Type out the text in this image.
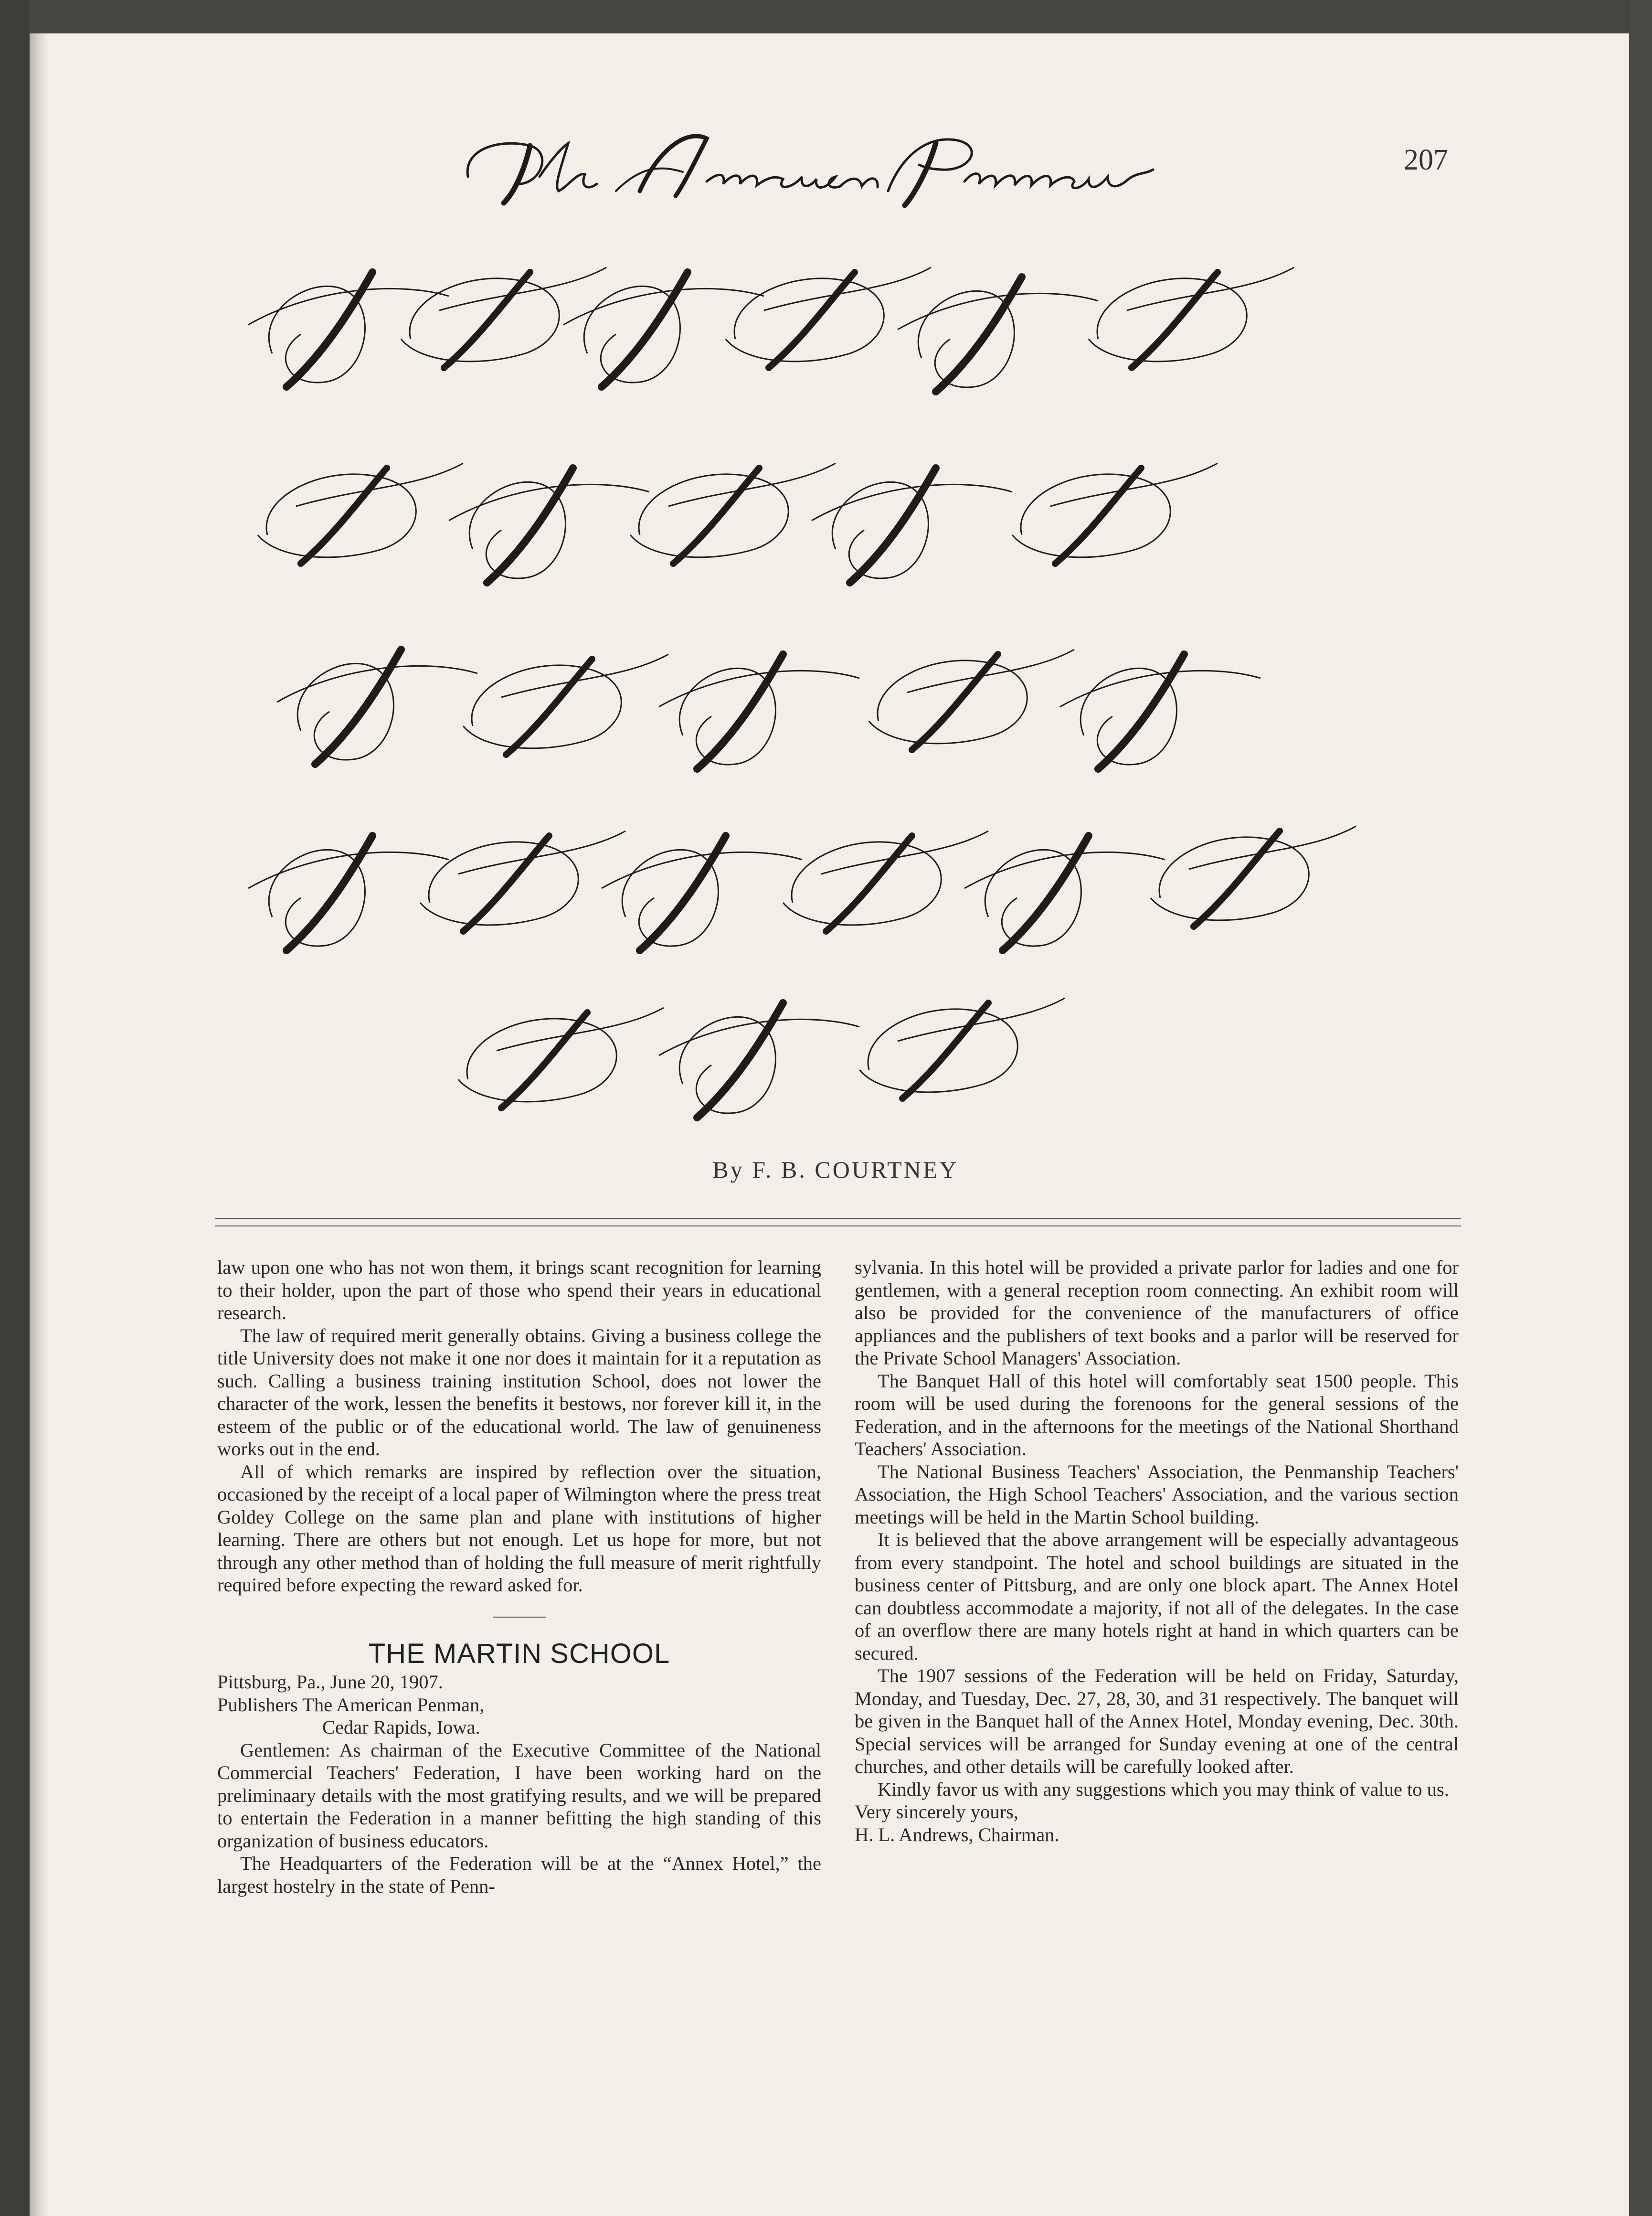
207
By F. B. COURTNEY

law upon one who has not won them, it brings scant recognition for learning to their holder, upon the part of those who spend their years in educational research.

The law of required merit generally obtains. Giving a business college the title University does not make it one nor does it maintain for it a reputation as such. Calling a business training institution School, does not lower the character of the work, lessen the benefits it bestows, nor forever kill it, in the esteem of the public or of the educational world. The law of genuineness works out in the end.

All of which remarks are inspired by reflection over the situation, occasioned by the receipt of a local paper of Wilmington where the press treat Goldey College on the same plan and plane with institutions of higher learning. There are others but not enough. Let us hope for more, but not through any other method than of holding the full measure of merit rightfully required before expecting the reward asked for.

THE MARTIN SCHOOL

Pittsburg, Pa., June 20, 1907.

Publishers The American Penman,

Cedar Rapids, Iowa.

Gentlemen: As chairman of the Executive Committee of the National Commercial Teachers' Federation, I have been working hard on the preliminaary details with the most gratifying results, and we will be prepared to entertain the Federation in a manner befitting the high standing of this organization of business educators.

The Headquarters of the Federation will be at the “Annex Hotel,” the largest hostelry in the state of Penn-

sylvania. In this hotel will be provided a private parlor for ladies and one for gentlemen, with a general reception room connecting. An exhibit room will also be provided for the convenience of the manufacturers of office appliances and the publishers of text books and a parlor will be reserved for the Private School Managers' Association.

The Banquet Hall of this hotel will comfortably seat 1500 people. This room will be used during the forenoons for the general sessions of the Federation, and in the afternoons for the meetings of the National Shorthand Teachers' Association.

The National Business Teachers' Association, the Penmanship Teachers' Association, the High School Teachers' Association, and the various section meetings will be held in the Martin School building.

It is believed that the above arrangement will be especially advantageous from every standpoint. The hotel and school buildings are situated in the business center of Pittsburg, and are only one block apart. The Annex Hotel can doubtless accommodate a majority, if not all of the delegates. In the case of an overflow there are many hotels right at hand in which quarters can be secured.

The 1907 sessions of the Federation will be held on Friday, Saturday, Monday, and Tuesday, Dec. 27, 28, 30, and 31 respectively. The banquet will be given in the Banquet hall of the Annex Hotel, Monday evening, Dec. 30th. Special services will be arranged for Sunday evening at one of the central churches, and other details will be carefully looked after.

Kindly favor us with any suggestions which you may think of value to us.

Very sincerely yours,

H. L. Andrews, Chairman.
